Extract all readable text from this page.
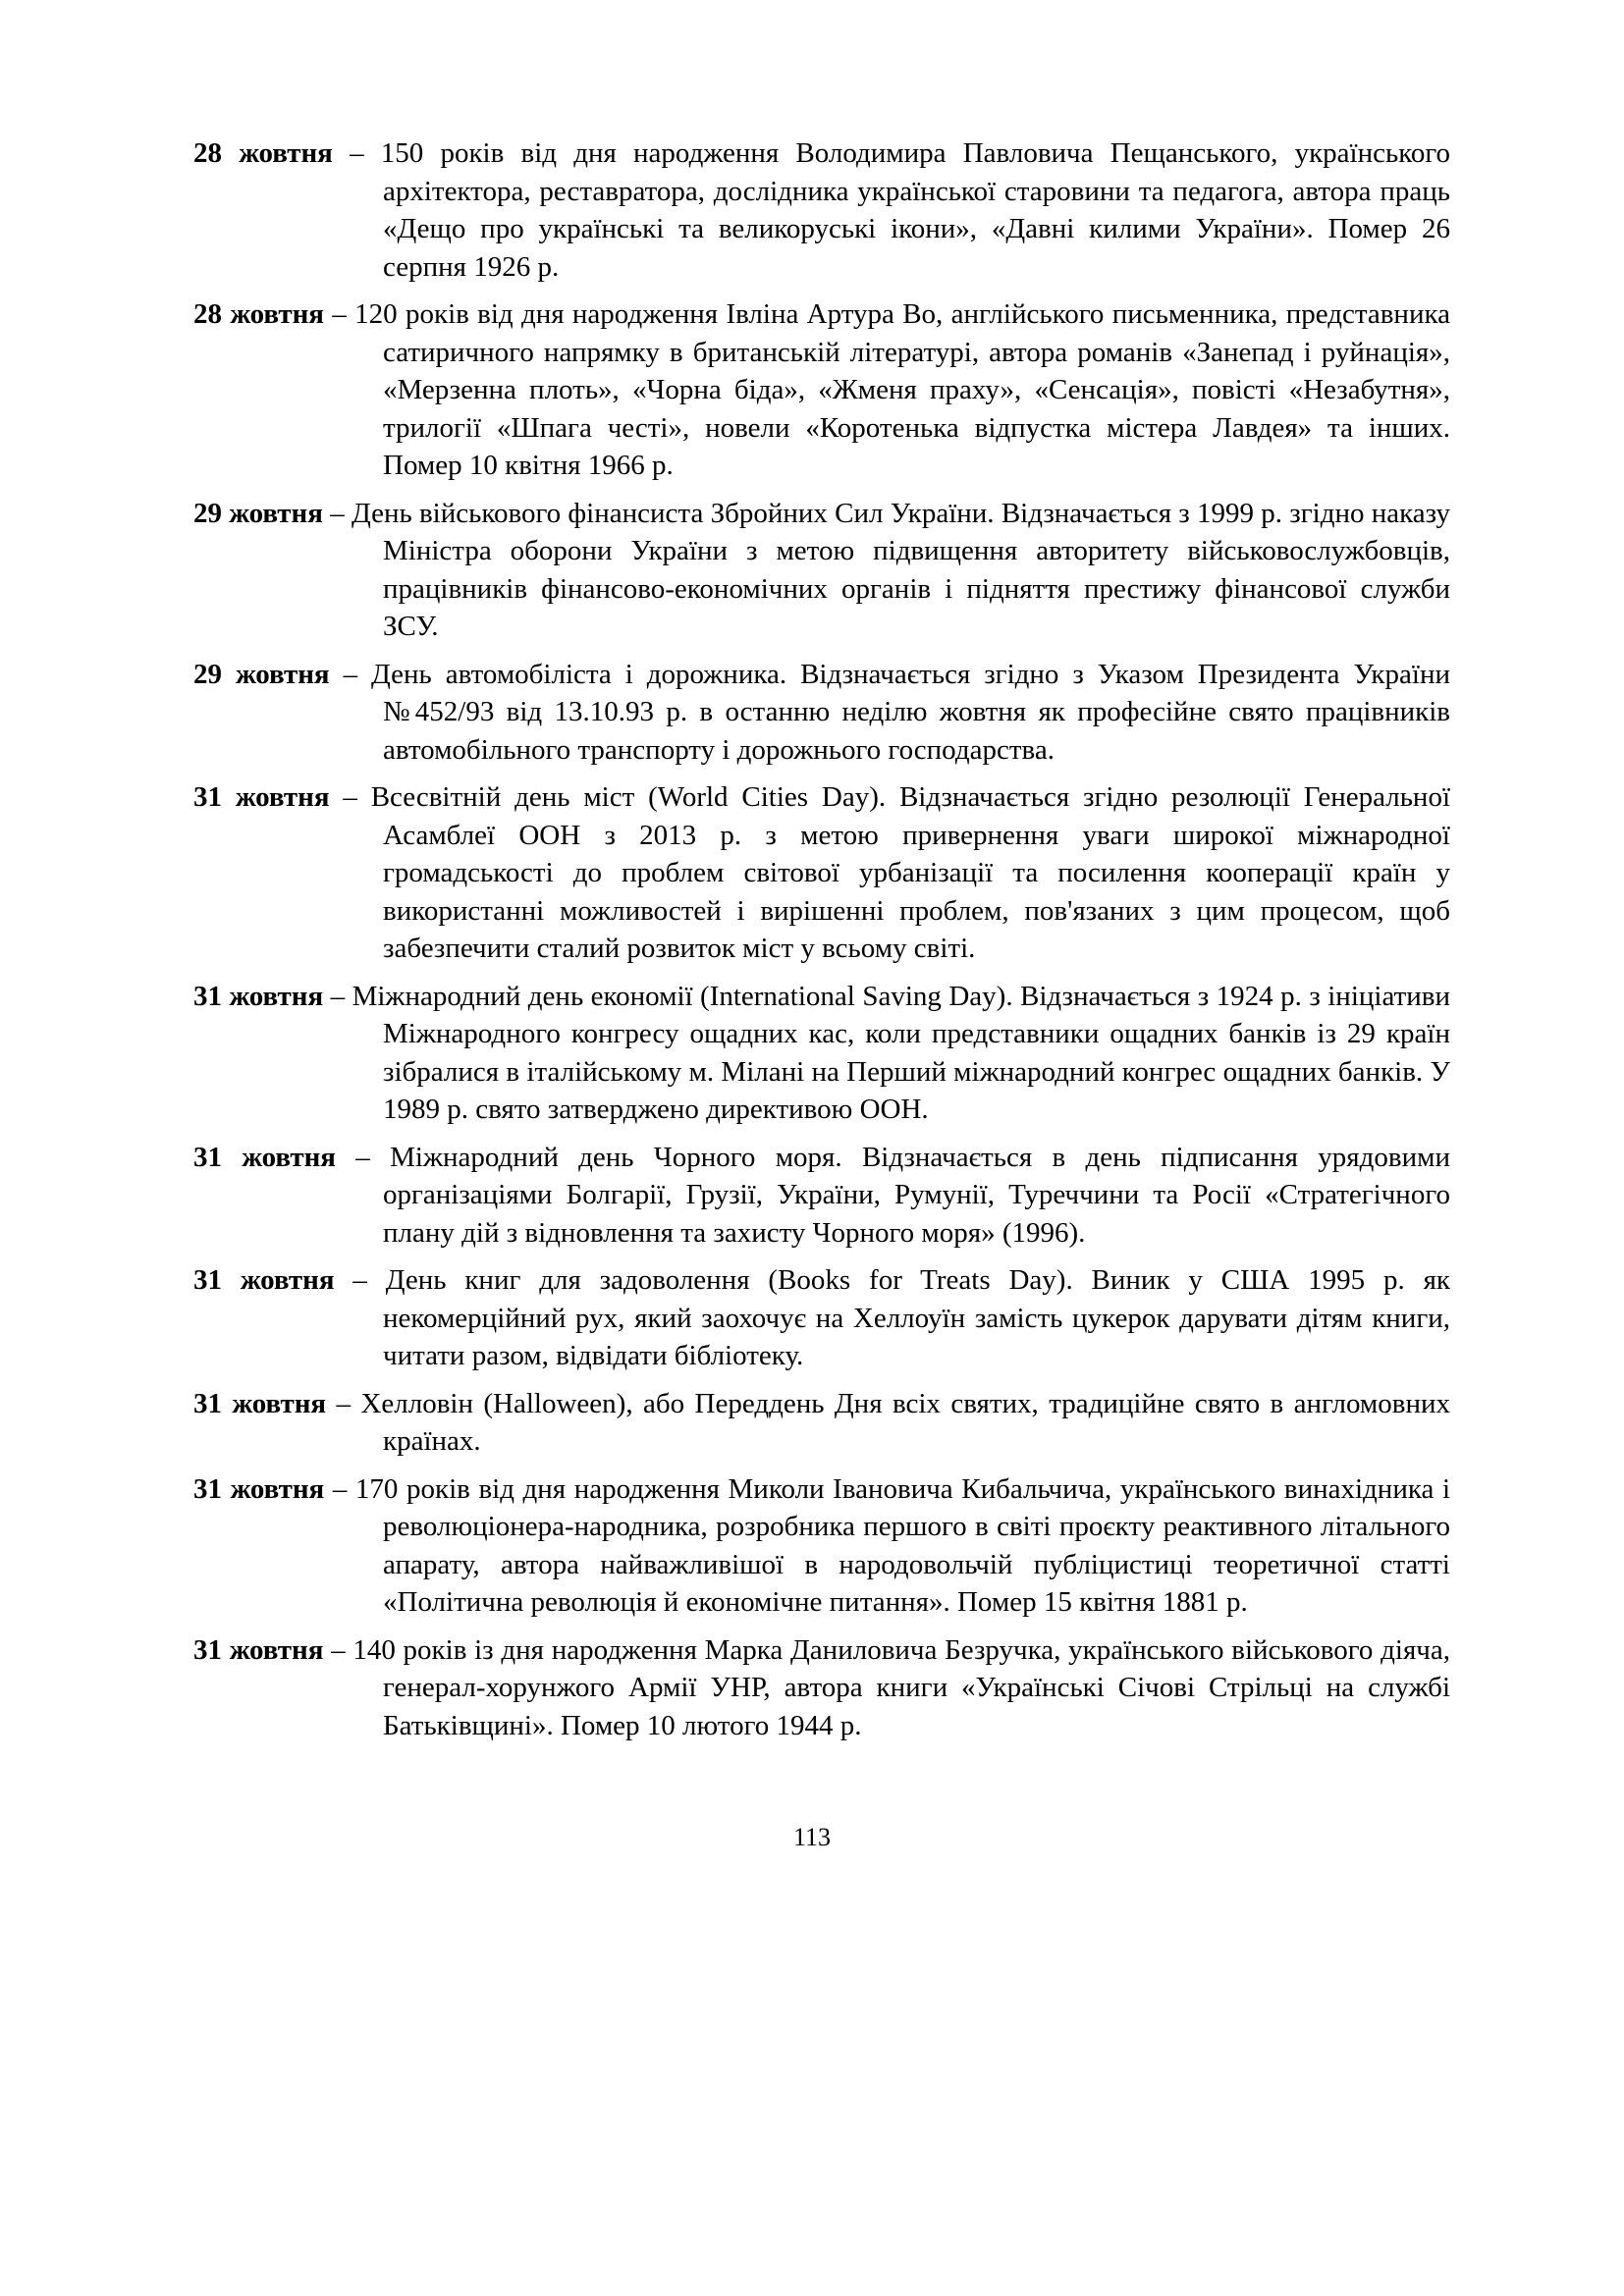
28 жовтня – 150 років від дня народження Володимира Павловича Пещанського, українського архітектора, реставратора, дослідника української старовини та педагога, автора праць «Дещо про українські та великоруські ікони», «Давні килими України». Помер 26 серпня 1926 р.

28 жовтня – 120 років від дня народження Івліна Артура Во, англійського письменника, представника сатиричного напрямку в британській літературі, автора романів «Занепад і руйнація», «Мерзенна плоть», «Чорна біда», «Жменя праху», «Сенсація», повісті «Незабутня», трилогії «Шпага честі», новели «Коротенька відпустка містера Лавдея» та інших. Помер 10 квітня 1966 р.

29 жовтня – День військового фінансиста Збройних Сил України. Відзначається з 1999 р. згідно наказу Міністра оборони України з метою підвищення авторитету військовослужбовців, працівників фінансово-економічних органів і підняття престижу фінансової служби ЗСУ.

29 жовтня – День автомобіліста і дорожника. Відзначається згідно з Указом Президента України №452/93 від 13.10.93 р. в останню неділю жовтня як професійне свято працівників автомобільного транспорту і дорожнього господарства.

31 жовтня – Всесвітній день міст (World Cities Day). Відзначається згідно резолюції Генеральної Асамблеї ООН з 2013 р. з метою привернення уваги широкої міжнародної громадськості до проблем світової урбанізації та посилення кооперації країн у використанні можливостей і вирішенні проблем, пов'язаних з цим процесом, щоб забезпечити сталий розвиток міст у всьому світі.

31 жовтня – Міжнародний день економії (International Saving Day). Відзначається з 1924 р. з ініціативи Міжнародного конгресу ощадних кас, коли представники ощадних банків із 29 країн зібралися в італійському м. Мілані на Перший міжнародний конгрес ощадних банків. У 1989 р. свято затверджено директивою ООН.

31 жовтня – Міжнародний день Чорного моря. Відзначається в день підписання урядовими організаціями Болгарії, Грузії, України, Румунії, Туреччини та Росії «Стратегічного плану дій з відновлення та захисту Чорного моря» (1996).

31 жовтня – День книг для задоволення (Books for Treats Day). Виник у США 1995 р. як некомерційний рух, який заохочує на Хеллоуїн замість цукерок дарувати дітям книги, читати разом, відвідати бібліотеку.

31 жовтня – Хелловін (Halloween), або Переддень Дня всіх святих, традиційне свято в англомовних країнах.

31 жовтня – 170 років від дня народження Миколи Івановича Кибальчича, українського винахідника і революціонера-народника, розробника першого в світі проєкту реактивного літального апарату, автора найважливішої в народовольчій публіцистиці теоретичної статті «Політична революція й економічне питання». Помер 15 квітня 1881 р.

31 жовтня – 140 років із дня народження Марка Даниловича Безручка, українського військового діяча, генерал-хорунжого Армії УНР, автора книги «Українські Січові Стрільці на службі Батьківщині». Помер 10 лютого 1944 р.

113
